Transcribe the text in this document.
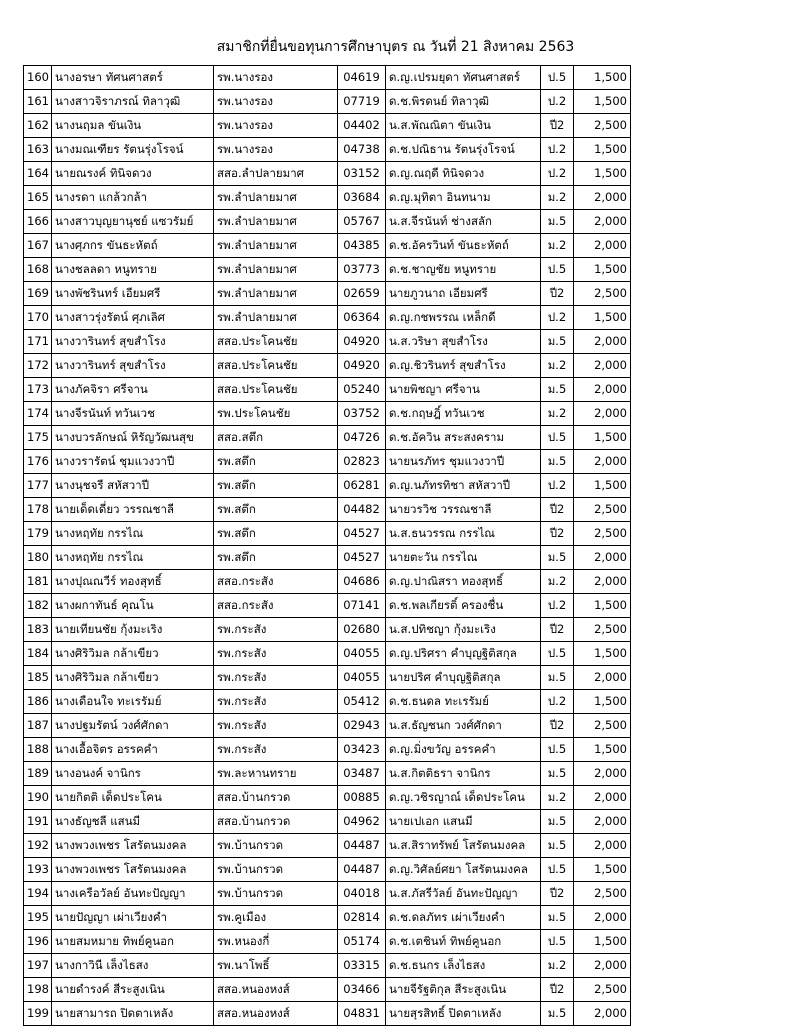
สมาชิกที่ยื่นขอทุนการศึกษาบุตร ณ วันที่ 21 สิงหาคม 2563
160	นางอรษา ทัศนศาสตร์	รพ.นางรอง	04619	ด.ญ.เปรมยุดา ทัศนศาสตร์	ป.5	1,500
161	นางสาวจิราภรณ์ ทิลาวุฒิ	รพ.นางรอง	07719	ด.ช.พิรดนย์ ทิลาวุฒิ	ป.2	1,500
162	นางนฤมล ขันเงิน	รพ.นางรอง	04402	น.ส.พัณณิตา ขันเงิน	ปี2	2,500
163	นางมณเฑียร รัตนรุ่งโรจน์	รพ.นางรอง	04738	ด.ช.ปณิธาน รัตนรุ่งโรจน์	ป.2	1,500
164	นายณรงค์ ทินิจดวง	สสอ.ลำปลายมาศ	03152	ด.ญ.ณฤดี ทินิจดวง	ป.2	1,500
165	นางรดา แกล้วกล้า	รพ.ลำปลายมาศ	03684	ด.ญ.มุทิตา อินทนาม	ม.2	2,000
166	นางสาวบุญยานุชย์ แซวรัมย์	รพ.ลำปลายมาศ	05767	น.ส.จีรนันท์ ช่างสลัก	ม.5	2,000
167	นางศุภกร ขันธะหัตถ์	รพ.ลำปลายมาศ	04385	ด.ช.อัครวินท์ ขันธะหัตถ์	ม.2	2,000
168	นางชลลดา หนูทราย	รพ.ลำปลายมาศ	03773	ด.ช.ชาญชัย หนูทราย	ป.5	1,500
169	นางพัชรินทร์ เอียมศรี	รพ.ลำปลายมาศ	02659	นายภูวนาถ เอียมศรี	ปี2	2,500
170	นางสาวรุ่งรัตน์ ศุภเลิศ	รพ.ลำปลายมาศ	06364	ด.ญ.กชพรรณ เหล็กดี	ป.2	1,500
171	นางวารินทร์ สุขสำโรง	สสอ.ประโคนชัย	04920	น.ส.วริษา สุขสำโรง	ม.5	2,000
172	นางวารินทร์ สุขสำโรง	สสอ.ประโคนชัย	04920	ด.ญ.ชิวรินทร์ สุขสำโรง	ม.2	2,000
173	นางภัคจิรา ศรีจาน	สสอ.ประโคนชัย	05240	นายพิชญา ศรีจาน	ม.5	2,000
174	นางจีรนันท์ ทวันเวช	รพ.ประโคนชัย	03752	ด.ช.กฤษฎิ์ ทวันเวช	ม.2	2,000
175	นางบวรลักษณ์ หิรัญวัฒนสุข	สสอ.สตึก	04726	ด.ช.อัควิน สระสงคราม	ป.5	1,500
176	นางวรารัตน์ ชุมแวงวาปี	รพ.สตึก	02823	นายนรภัทร ชุมแวงวาปี	ม.5	2,000
177	นางนุชจรี สหัสวาปี	รพ.สตึก	06281	ด.ญ.นภัทรทิชา สหัสวาปี	ป.2	1,500
178	นายเด็ดเดี่ยว วรรณชาลี	รพ.สตึก	04482	นายวรวิช วรรณชาลี	ปี2	2,500
179	นางหฤทัย กรรไณ	รพ.สตึก	04527	น.ส.ธนวรรณ กรรไณ	ปี2	2,500
180	นางหฤทัย กรรไณ	รพ.สตึก	04527	นายตะวัน กรรไณ	ม.5	2,000
181	นางปุณณวีร์ ทองสุทธิ์	สสอ.กระสัง	04686	ด.ญ.ปาณิสรา ทองสุทธิ์	ม.2	2,000
182	นางผกาทันธ์ คุณโน	สสอ.กระสัง	07141	ด.ช.พลเกียรติ์ ครองชื่น	ป.2	1,500
183	นายเทียนชัย กุ้งมะเริง	รพ.กระสัง	02680	น.ส.ปทิชญา กุ้งมะเริง	ปี2	2,500
184	นางศิริวิมล กล้าเขียว	รพ.กระสัง	04055	ด.ญ.ปริศรา คำบุญฐิติสกุล	ป.5	1,500
185	นางศิริวิมล กล้าเขียว	รพ.กระสัง	04055	นายปริศ คำบุญฐิติสกุล	ม.5	2,000
186	นางเดือนใจ ทะเรรัมย์	รพ.กระสัง	05412	ด.ช.ธนดล ทะเรรัมย์	ป.2	1,500
187	นางปฐมรัตน์ วงศ์ศักดา	รพ.กระสัง	02943	น.ส.ธัญชนก วงศ์ศักดา	ปี2	2,500
188	นางเอื้อจิตร อรรคคำ	รพ.กระสัง	03423	ด.ญ.มิ่งขวัญ อรรคคำ	ป.5	1,500
189	นางอนงค์ จานิกร	รพ.ละหานทราย	03487	น.ส.กิตติธรา จานิกร	ม.5	2,000
190	นายกิตติ เด็ดประโคน	สสอ.บ้านกรวด	00885	ด.ญ.วชิรญาณ์ เด็ดประโคน	ม.2	2,000
191	นางธัญชลี แสนมี	สสอ.บ้านกรวด	04962	นายเปเอก แสนมี	ม.5	2,000
192	นางพวงเพชร โสรัตนมงคล	รพ.บ้านกรวด	04487	น.ส.สิราทรัพย์ โสรัตนมงคล	ม.5	2,000
193	นางพวงเพชร โสรัตนมงคล	รพ.บ้านกรวด	04487	ด.ญ.วิศัลย์ศยา โสรัตนมงคล	ป.5	1,500
194	นางเครือวัลย์ อันทะปัญญา	รพ.บ้านกรวด	04018	น.ส.ภัสรีวัลย์ อันทะปัญญา	ปี2	2,500
195	นายปัญญา เผ่าเวียงคำ	รพ.คูเมือง	02814	ด.ช.ดลภัทร เผ่าเวียงคำ	ม.5	2,000
196	นายสมหมาย ทิพย์คูนอก	รพ.หนองกี่	05174	ด.ช.เตชินท์ ทิพย์คูนอก	ป.5	1,500
197	นางกาวินี เล็งไธสง	รพ.นาโพธิ์	03315	ด.ช.ธนกร เล็งไธสง	ม.2	2,000
198	นายดำรงค์ สีระสูงเนิน	สสอ.หนองหงส์	03466	นายจีรัฐติกุล สีระสูงเนิน	ปี2	2,500
199	นายสามารถ ปิดตาเหลัง	สสอ.หนองหงส์	04831	นายสุรสิทธิ์ ปิดตาเหลัง	ม.5	2,000
